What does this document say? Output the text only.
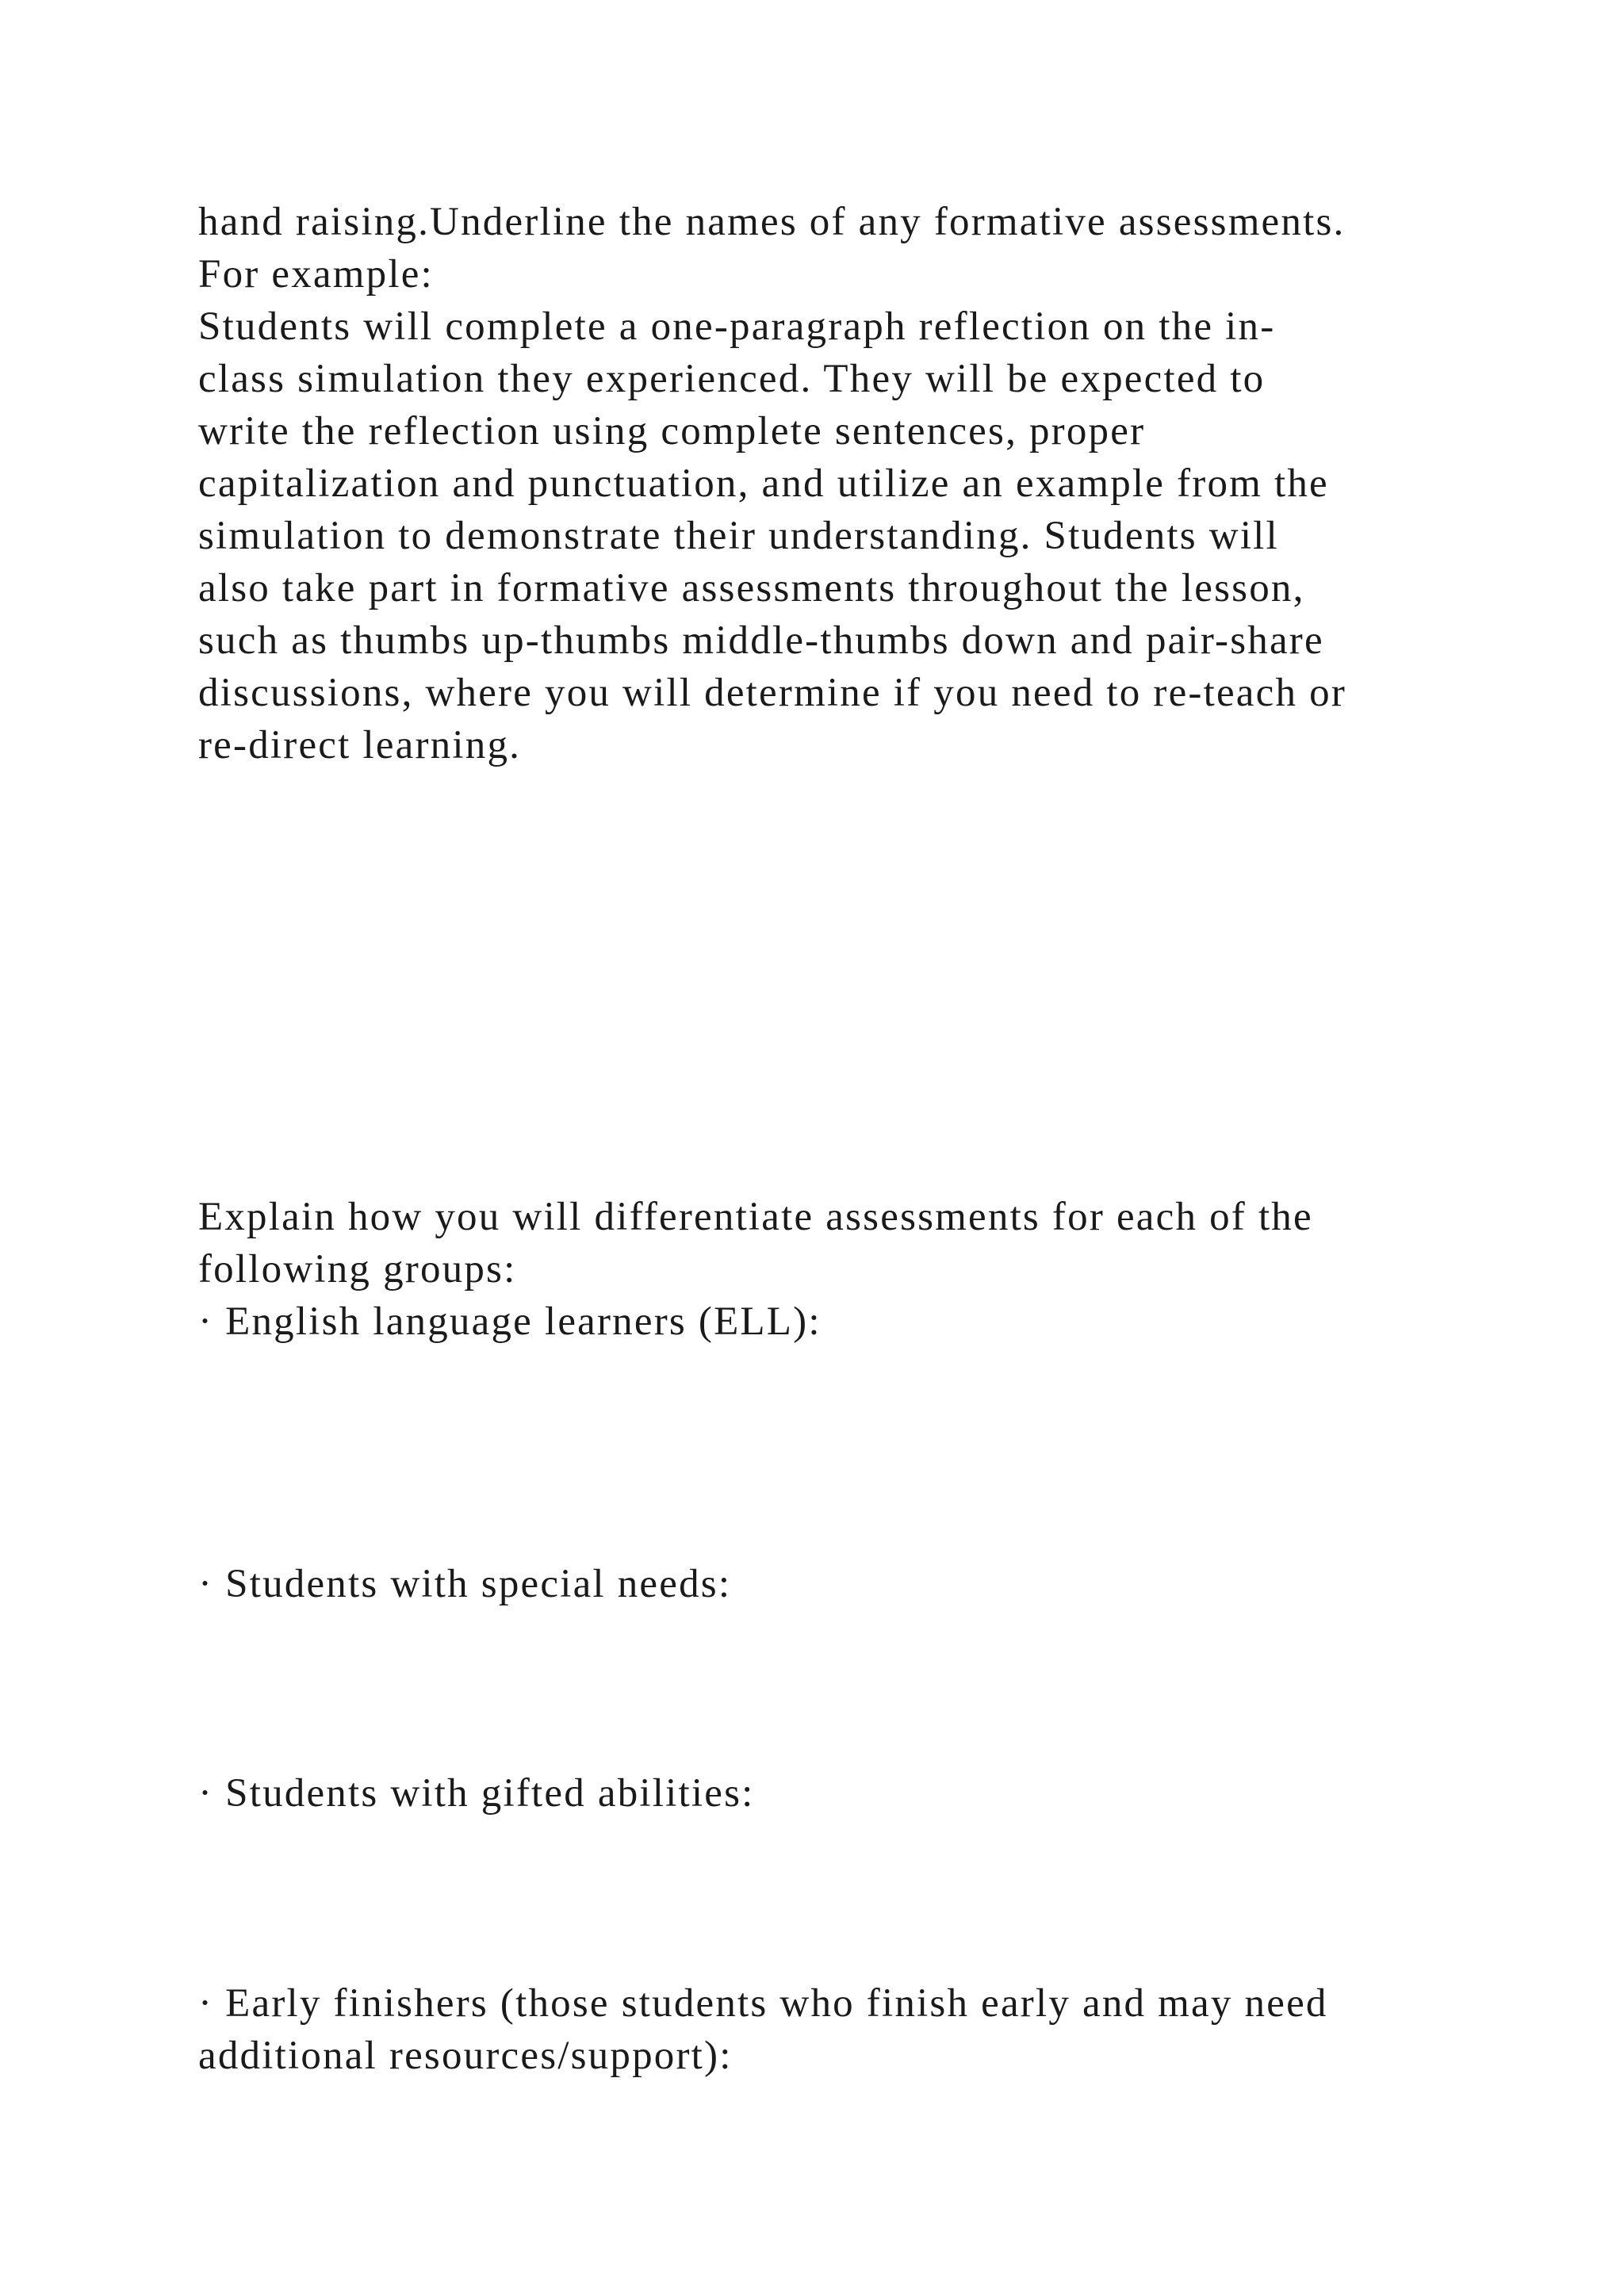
hand raising.Underline the names of any formative assessments.
For example:
Students will complete a one-paragraph reflection on the in-
class simulation they experienced. They will be expected to
write the reflection using complete sentences, proper
capitalization and punctuation, and utilize an example from the
simulation to demonstrate their understanding. Students will
also take part in formative assessments throughout the lesson,
such as thumbs up-thumbs middle-thumbs down and pair-share
discussions, where you will determine if you need to re-teach or
re-direct learning.
Explain how you will differentiate assessments for each of the
following groups:
· English language learners (ELL):
· Students with special needs:
· Students with gifted abilities:
· Early finishers (those students who finish early and may need
additional resources/support):
